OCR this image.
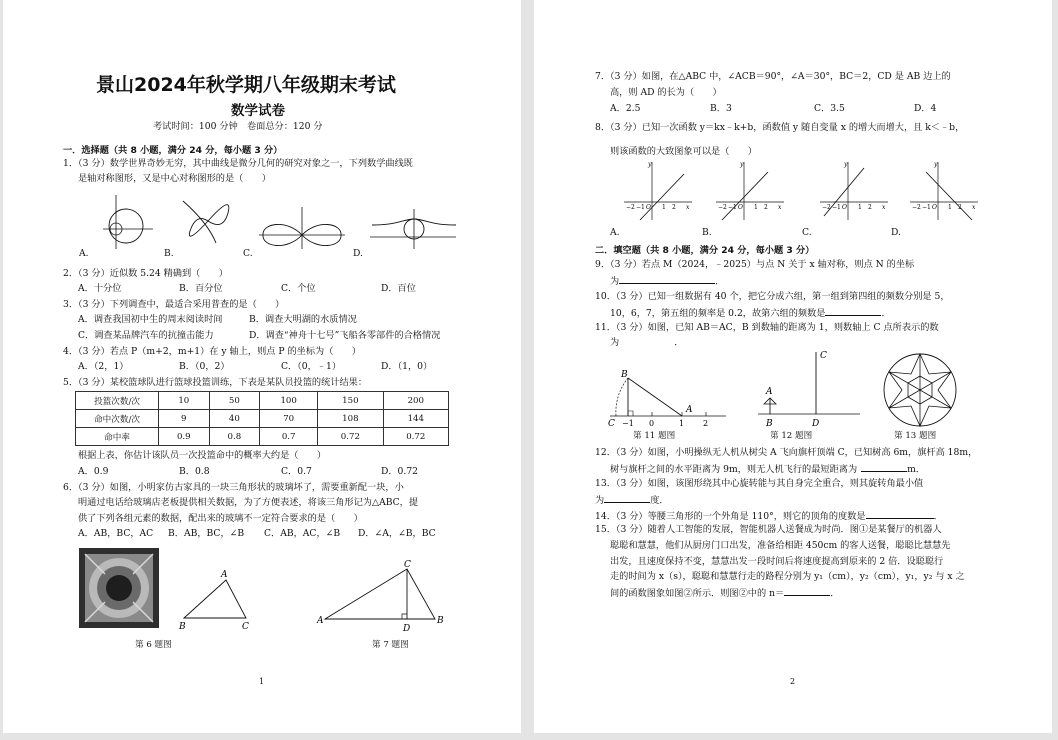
景山2024年秋学期八年级期末考试
数学试卷
考试时间：100 分钟　卷面总分：120 分
一．选择题（共 8 小题，满分 24 分，每小题 3 分）
1．（3 分）数学世界奇妙无穷，其中曲线是微分几何的研究对象之一，下列数学曲线既
是轴对称图形，又是中心对称图形的是（　　）
A.	B.	C.	D.
2．（3 分）近似数 5.24 精确到（　　）
A．十分位	B．百分位	C．个位	D．百位
3．（3 分）下列调查中，最适合采用普查的是（　　）
A．调查我国初中生的周末阅读时间	B．调查大明湖的水质情况
C．调查某品牌汽车的抗撞击能力	D．调查“神舟十七号”飞船各零部件的合格情况
4．（3 分）若点 P（m+2，m+1）在 y 轴上，则点 P 的坐标为（　　）
A．（2，1）	B．（0，2）	C．（0，﹣1）	D．（1，0）
5．（3 分）某校篮球队进行篮球投篮训练，下表是某队员投篮的统计结果：
投篮次数/次	10	50	100	150	200
命中次数/次	9	40	70	108	144
命中率	0.9	0.8	0.7	0.72	0.72
根据上表，你估计该队员一次投篮命中的概率大约是（　　）
A．0.9	B．0.8	C．0.7	D．0.72
6．（3 分）如图，小明家仿古家具的一块三角形状的玻璃坏了，需要重新配一块，小
明通过电话给玻璃店老板提供相关数据，为了方便表述，将该三角形记为△ABC，提
供了下列各组元素的数据，配出来的玻璃不一定符合要求的是（　　）
A．AB，BC，AC B．AB，BC，∠B C．AB，AC，∠B D．∠A，∠B，BC
A
B	C
第 6 题图
C
A	B
D
第 7 题图
1
7．（3 分）如图，在△ABC 中，∠ACB＝90°，∠A＝30°，BC＝2，CD 是 AB 边上的
高，则 AD 的长为（　　）
A．2.5	B．3	C．3.5	D．4
8．（3 分）已知一次函数 y＝kx﹣k+b，函数值 y 随自变量 x 的增大而增大，且 k＜﹣b，
则该函数的大致图象可以是（　　）
y
x
O
−2 −1	1 2
y
x
O
−2 −1	1 2
y
x
O
−2 −1	1 2
y
x
O
−2 −1	1 2
A.	B.	C.	D.
二．填空题（共 8 小题，满分 24 分，每小题 3 分）
9．（3 分）若点 M（2024，﹣2025）与点 N 关于 x 轴对称，则点 N 的坐标
为	．
10．（3 分）已知一组数据有 40 个，把它分成六组，第一组到第四组的频数分别是 5，
10，6，7，第五组的频率是 0.2，故第六组的频数是	．
11．（3 分）如图，已知 AB＝AC，B 到数轴的距离为 1，则数轴上 C 点所表示的数
为　　　　　　．
B
C
A
−1 0	1 2
第 11 题图
C
A
B	D
第 12 题图	第 13 题图
12．（3 分）如图，小明操纵无人机从树尖 A 飞向旗杆顶端 C，已知树高 6m，旗杆高 18m，
树与旗杆之间的水平距离为 9m，则无人机飞行的最短距离为	m．
13．（3 分）如图，该图形绕其中心旋转能与其自身完全重合，则其旋转角最小值
为	度．
14．（3 分）等腰三角形的一个外角是 110°，则它的顶角的度数是	．
15．（3 分）随着人工智能的发展，智能机器人送餐成为时尚．图①是某餐厅的机器人
聪聪和慧慧，他们从厨房门口出发，准备给相距 450cm 的客人送餐，聪聪比慧慧先
出发，且速度保持不变，慧慧出发一段时间后将速度提高到原来的 2 倍．设聪聪行
走的时间为 x（s），聪聪和慧慧行走的路程分别为 y₁（cm），y₂（cm），y₁，y₂ 与 x 之
间的函数图象如图②所示．则图②中的 n＝	．
2
